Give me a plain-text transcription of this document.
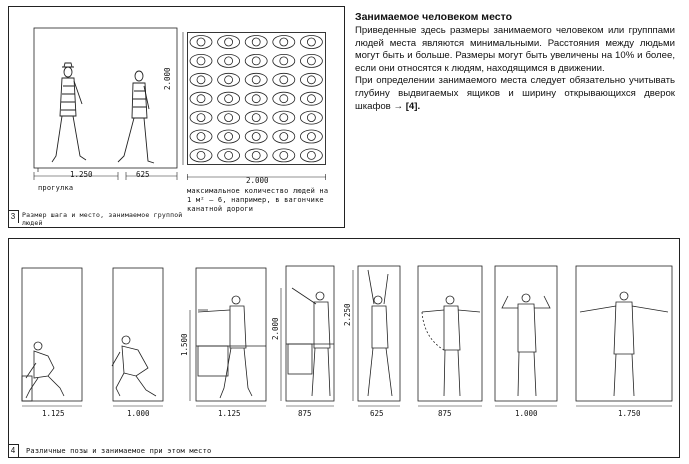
1.250	625
прогулка
2.000
2.000
максимальное количество людей на 1 м² – 6, например, в вагончике канатной дороги
3	Размер шага и место, занимаемое группой людей
Занимаемое человеком место

Приведенные здесь размеры занимаемого человеком или групппами людей места являются минимальными. Расстояния между людьми могут быть и больше. Размеры могут быть увеличены на 10% и более, если они относятся к людям, находящимся в движении.

При определении занимаемого места следует обязательно учитывать глубину выдвигаемых ящиков и ширину открывающихся дверок шкафов → [4].

1.125	1.000	1.125	875	625	875	1.000	1.750
1.500
2.000
2.250
4	Различные позы и занимаемое при этом место
